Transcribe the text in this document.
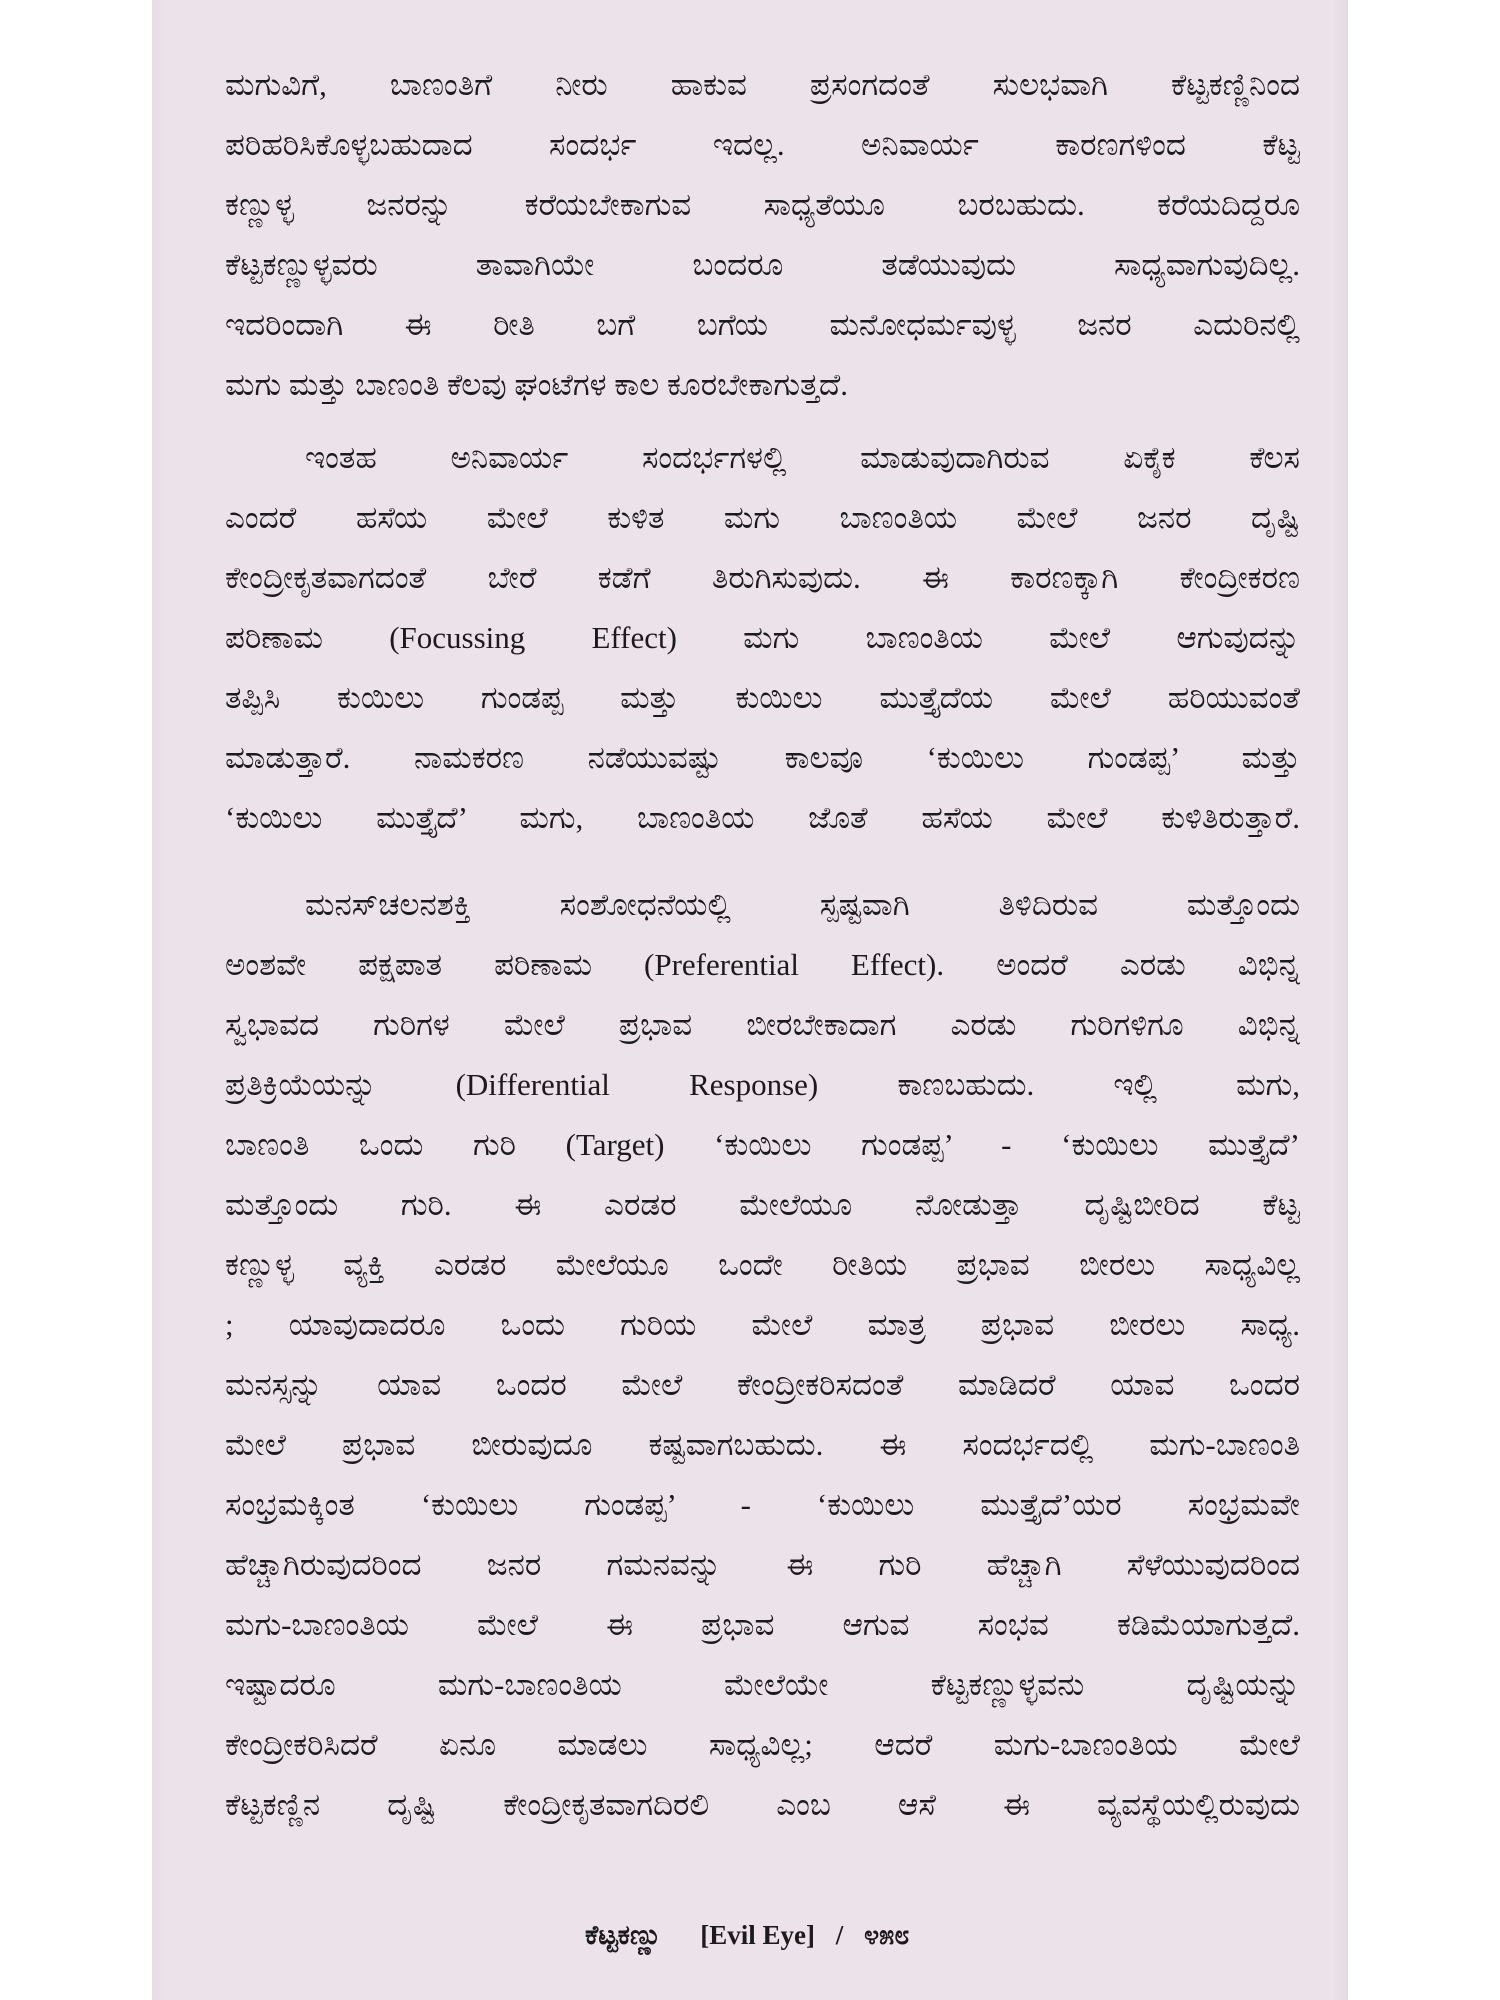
ಮಗುವಿಗೆ, ಬಾಣಂತಿಗೆ ನೀರು ಹಾಕುವ ಪ್ರಸಂಗದಂತೆ ಸುಲಭವಾಗಿ ಕೆಟ್ಟಕಣ್ಣಿನಿಂದ
ಪರಿಹರಿಸಿಕೊಳ್ಳಬಹುದಾದ ಸಂದರ್ಭ ಇದಲ್ಲ. ಅನಿವಾರ್ಯ ಕಾರಣಗಳಿಂದ ಕೆಟ್ಟ
ಕಣ್ಣುಳ್ಳ ಜನರನ್ನು ಕರೆಯಬೇಕಾಗುವ ಸಾಧ್ಯತೆಯೂ ಬರಬಹುದು. ಕರೆಯದಿದ್ದರೂ
ಕೆಟ್ಟಕಣ್ಣುಳ್ಳವರು ತಾವಾಗಿಯೇ ಬಂದರೂ ತಡೆಯುವುದು ಸಾಧ್ಯವಾಗುವುದಿಲ್ಲ.
ಇದರಿಂದಾಗಿ ಈ ರೀತಿ ಬಗೆ ಬಗೆಯ ಮನೋಧರ್ಮವುಳ್ಳ ಜನರ ಎದುರಿನಲ್ಲಿ
ಮಗು ಮತ್ತು ಬಾಣಂತಿ ಕೆಲವು ಘಂಟೆಗಳ ಕಾಲ ಕೂರಬೇಕಾಗುತ್ತದೆ.
ಇಂತಹ ಅನಿವಾರ್ಯ ಸಂದರ್ಭಗಳಲ್ಲಿ ಮಾಡುವುದಾಗಿರುವ ಏಕೈಕ ಕೆಲಸ
ಎಂದರೆ ಹಸೆಯ ಮೇಲೆ ಕುಳಿತ ಮಗು ಬಾಣಂತಿಯ ಮೇಲೆ ಜನರ ದೃಷ್ಟಿ
ಕೇಂದ್ರೀಕೃತವಾಗದಂತೆ ಬೇರೆ ಕಡೆಗೆ ತಿರುಗಿಸುವುದು. ಈ ಕಾರಣಕ್ಕಾಗಿ ಕೇಂದ್ರೀಕರಣ
ಪರಿಣಾಮ (Focussing Effect) ಮಗು ಬಾಣಂತಿಯ ಮೇಲೆ ಆಗುವುದನ್ನು
ತಪ್ಪಿಸಿ ಕುಯಿಲು ಗುಂಡಪ್ಪ ಮತ್ತು ಕುಯಿಲು ಮುತ್ತೈದೆಯ ಮೇಲೆ ಹರಿಯುವಂತೆ
ಮಾಡುತ್ತಾರೆ. ನಾಮಕರಣ ನಡೆಯುವಷ್ಟು ಕಾಲವೂ ‘ಕುಯಿಲು ಗುಂಡಪ್ಪ’ ಮತ್ತು
‘ಕುಯಿಲು ಮುತ್ತೈದೆ’ ಮಗು, ಬಾಣಂತಿಯ ಜೊತೆ ಹಸೆಯ ಮೇಲೆ ಕುಳಿತಿರುತ್ತಾರೆ.
ಮನಸ್‌ಚಲನಶಕ್ತಿ ಸಂಶೋಧನೆಯಲ್ಲಿ ಸ್ಪಷ್ಟವಾಗಿ ತಿಳಿದಿರುವ ಮತ್ತೊಂದು
ಅಂಶವೇ ಪಕ್ಷಪಾತ ಪರಿಣಾಮ (Preferential Effect). ಅಂದರೆ ಎರಡು ವಿಭಿನ್ನ
ಸ್ವಭಾವದ ಗುರಿಗಳ ಮೇಲೆ ಪ್ರಭಾವ ಬೀರಬೇಕಾದಾಗ ಎರಡು ಗುರಿಗಳಿಗೂ ವಿಭಿನ್ನ
ಪ್ರತಿಕ್ರಿಯೆಯನ್ನು (Differential Response) ಕಾಣಬಹುದು. ಇಲ್ಲಿ ಮಗು,
ಬಾಣಂತಿ ಒಂದು ಗುರಿ (Target) ‘ಕುಯಿಲು ಗುಂಡಪ್ಪ’ - ‘ಕುಯಿಲು ಮುತ್ತೈದೆ’
ಮತ್ತೊಂದು ಗುರಿ. ಈ ಎರಡರ ಮೇಲೆಯೂ ನೋಡುತ್ತಾ ದೃಷ್ಟಿಬೀರಿದ ಕೆಟ್ಟ
ಕಣ್ಣುಳ್ಳ ವ್ಯಕ್ತಿ ಎರಡರ ಮೇಲೆಯೂ ಒಂದೇ ರೀತಿಯ ಪ್ರಭಾವ ಬೀರಲು ಸಾಧ್ಯವಿಲ್ಲ
; ಯಾವುದಾದರೂ ಒಂದು ಗುರಿಯ ಮೇಲೆ ಮಾತ್ರ ಪ್ರಭಾವ ಬೀರಲು ಸಾಧ್ಯ.
ಮನಸ್ಸನ್ನು ಯಾವ ಒಂದರ ಮೇಲೆ ಕೇಂದ್ರೀಕರಿಸದಂತೆ ಮಾಡಿದರೆ ಯಾವ ಒಂದರ
ಮೇಲೆ ಪ್ರಭಾವ ಬೀರುವುದೂ ಕಷ್ಟವಾಗಬಹುದು. ಈ ಸಂದರ್ಭದಲ್ಲಿ ಮಗು-ಬಾಣಂತಿ
ಸಂಭ್ರಮಕ್ಕಿಂತ ‘ಕುಯಿಲು ಗುಂಡಪ್ಪ’ - ‘ಕುಯಿಲು ಮುತ್ತೈದೆ’ಯರ ಸಂಭ್ರಮವೇ
ಹೆಚ್ಚಾಗಿರುವುದರಿಂದ ಜನರ ಗಮನವನ್ನು ಈ ಗುರಿ ಹೆಚ್ಚಾಗಿ ಸೆಳೆಯುವುದರಿಂದ
ಮಗು-ಬಾಣಂತಿಯ ಮೇಲೆ ಈ ಪ್ರಭಾವ ಆಗುವ ಸಂಭವ ಕಡಿಮೆಯಾಗುತ್ತದೆ.
ಇಷ್ಟಾದರೂ ಮಗು-ಬಾಣಂತಿಯ ಮೇಲೆಯೇ ಕೆಟ್ಟಕಣ್ಣುಳ್ಳವನು ದೃಷ್ಟಿಯನ್ನು
ಕೇಂದ್ರೀಕರಿಸಿದರೆ ಏನೂ ಮಾಡಲು ಸಾಧ್ಯವಿಲ್ಲ; ಆದರೆ ಮಗು-ಬಾಣಂತಿಯ ಮೇಲೆ
ಕೆಟ್ಟಕಣ್ಣಿನ ದೃಷ್ಟಿ ಕೇಂದ್ರೀಕೃತವಾಗದಿರಲಿ ಎಂಬ ಆಸೆ ಈ ವ್ಯವಸ್ಥೆಯಲ್ಲಿರುವುದು
ಕೆಟ್ಟಕಣ್ಣು [Evil Eye] / ೪೫೮
